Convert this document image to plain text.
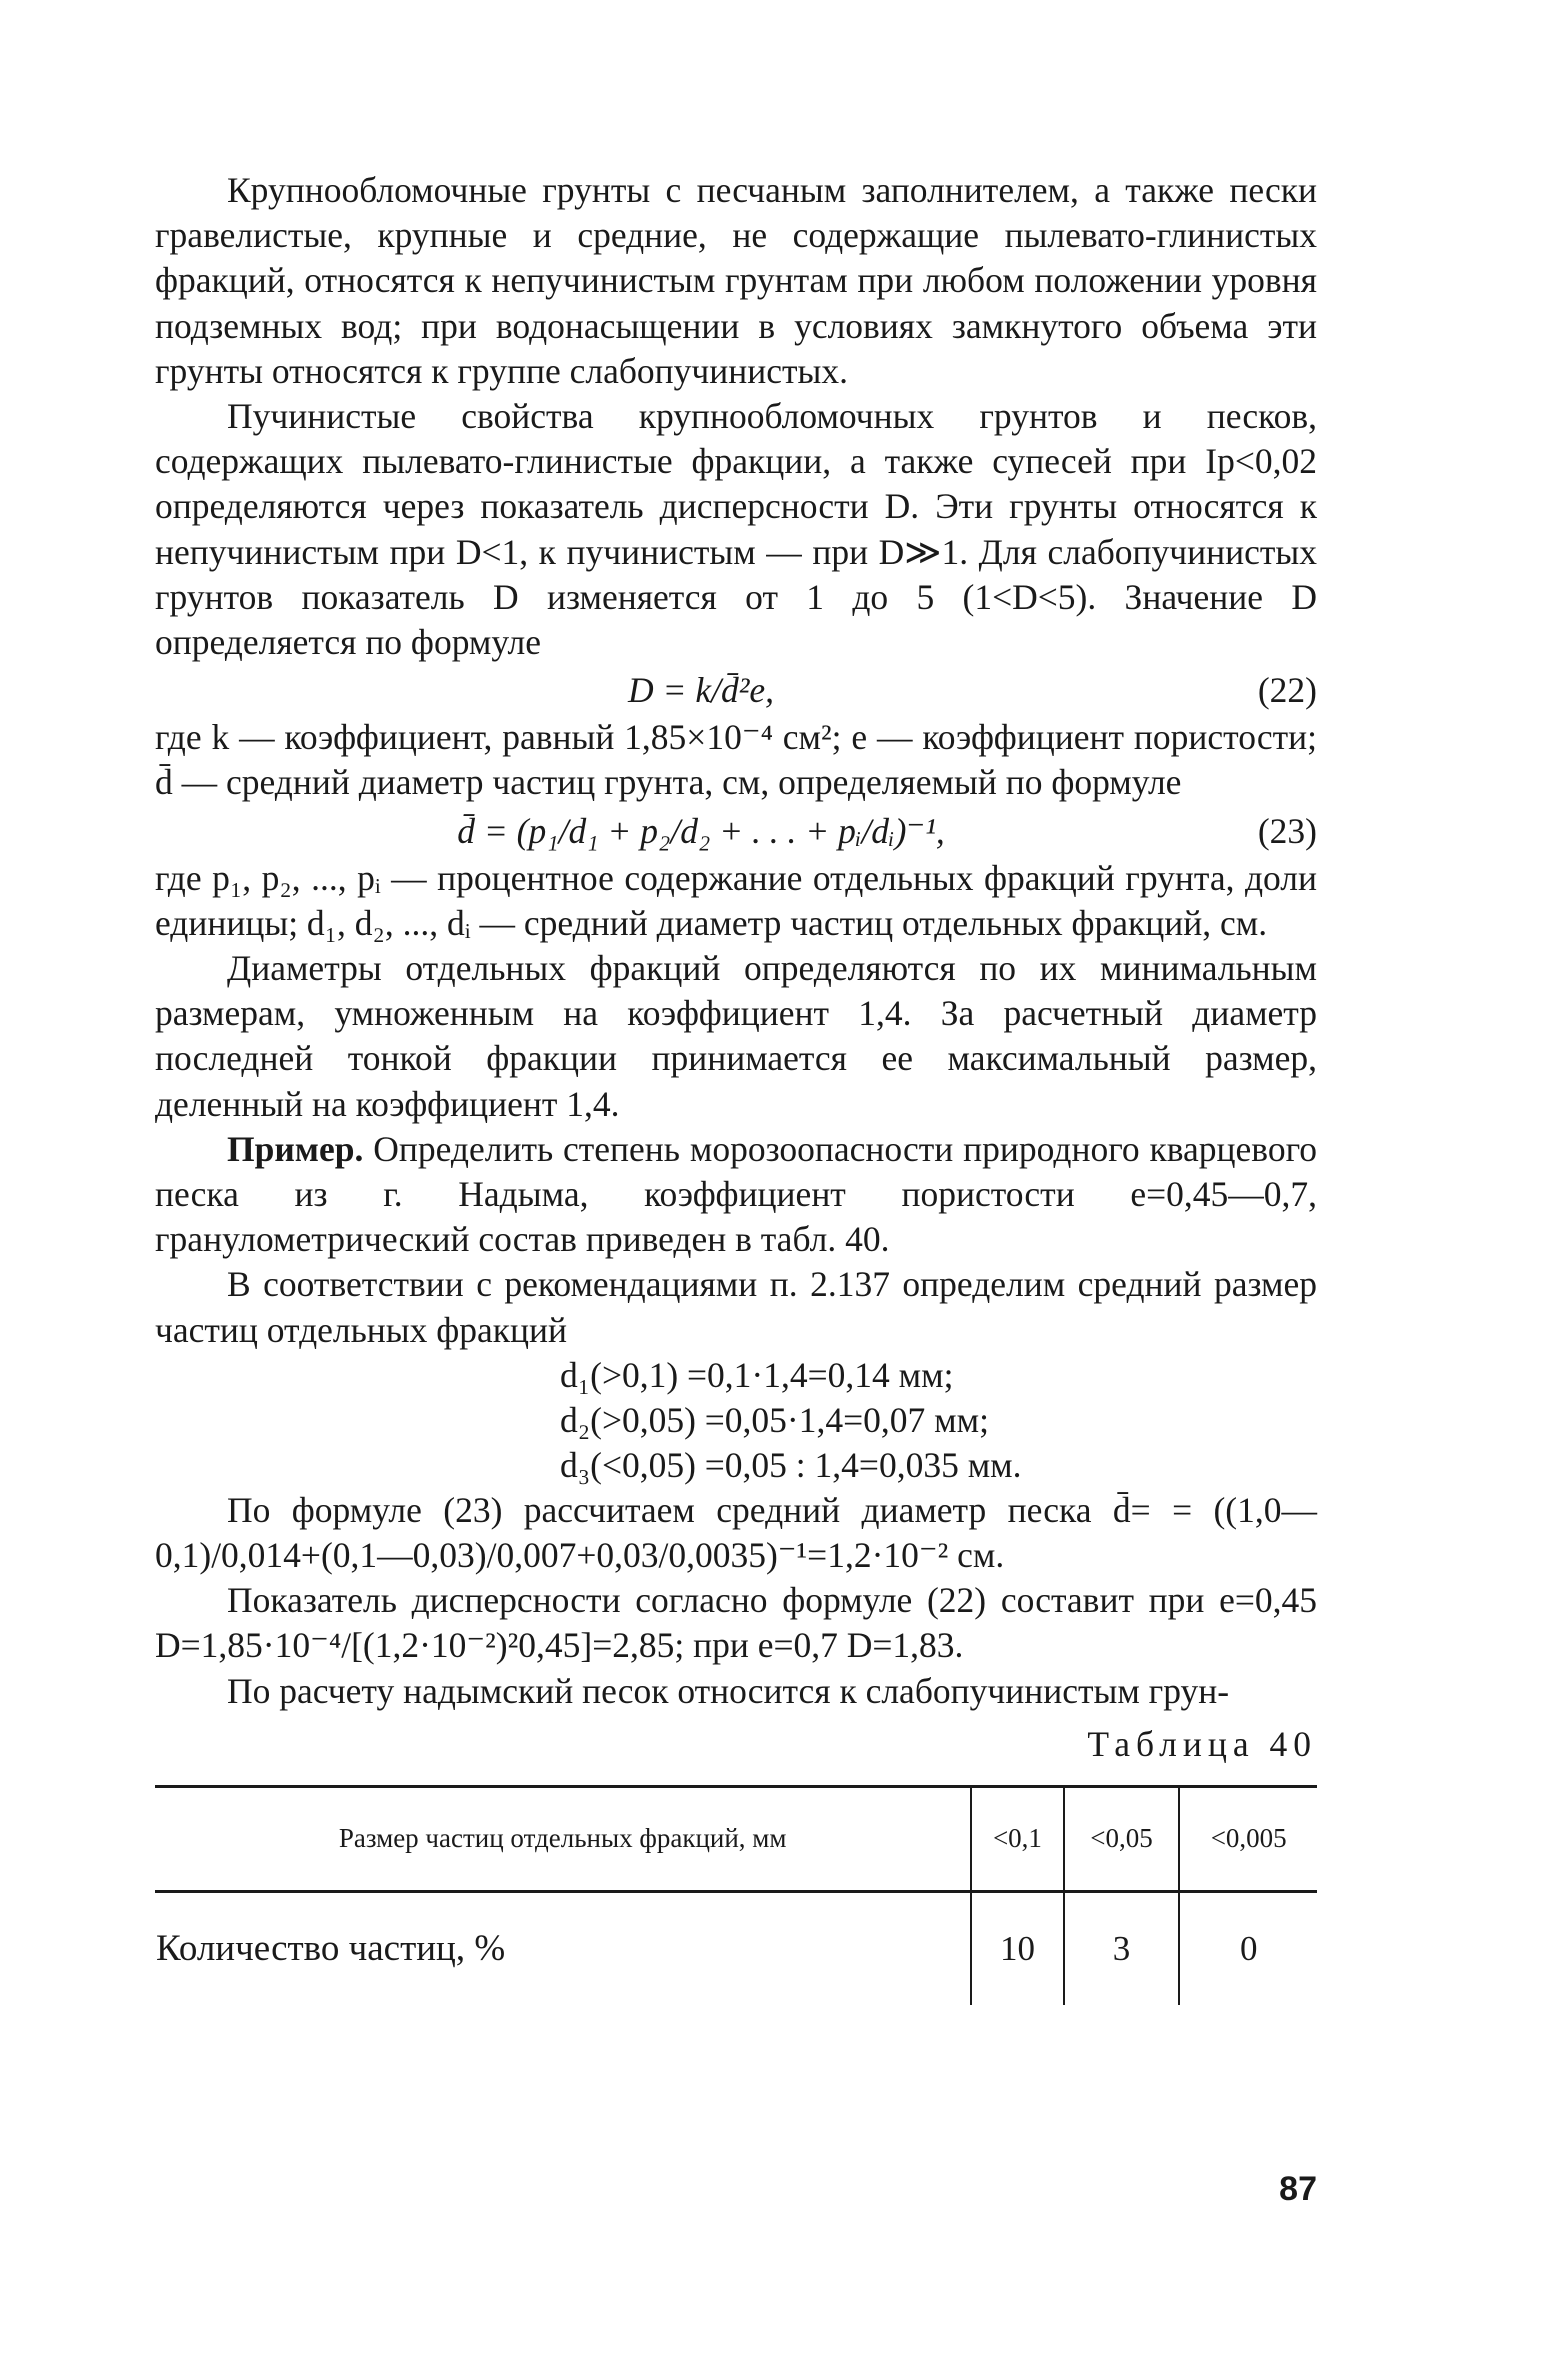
Крупнообломочные грунты с песчаным заполнителем, а также пески гравелистые, крупные и средние, не содержащие пылевато-глинистых фракций, относятся к непучинистым грунтам при любом положении уровня подземных вод; при водонасыщении в условиях замкнутого объема эти грунты относятся к группе слабопучинистых.

Пучинистые свойства крупнообломочных грунтов и песков, содержащих пылевато-глинистые фракции, а также супесей при Iр<0,02 определяются через показатель дисперсности D. Эти грунты относятся к непучинистым при D<1, к пучинистым — при D≫1. Для слабопучинистых грунтов показатель D изменяется от 1 до 5 (1<D<5). Значение D определяется по формуле

D = k/d̄²e,	(22)

где k — коэффициент, равный 1,85×10⁻⁴ см²; e — коэффициент пористости; d̄ — средний диаметр частиц грунта, см, определяемый по формуле

d̄ = (p₁/d₁ + p₂/d₂ + . . . + pᵢ/dᵢ)⁻¹,	(23)

где p₁, p₂, ..., pᵢ — процентное содержание отдельных фракций грунта, доли единицы; d₁, d₂, ..., dᵢ — средний диаметр частиц отдельных фракций, см.

Диаметры отдельных фракций определяются по их минимальным размерам, умноженным на коэффициент 1,4. За расчетный диаметр последней тонкой фракции принимается ее максимальный размер, деленный на коэффициент 1,4.

Пример. Определить степень морозоопасности природного кварцевого песка из г. Надыма, коэффициент пористости e=0,45—0,7, гранулометрический состав приведен в табл. 40.

В соответствии с рекомендациями п. 2.137 определим средний размер частиц отдельных фракций

d₁(>0,1) =0,1·1,4=0,14 мм;
d₂(>0,05) =0,05·1,4=0,07 мм;
d₃(<0,05) =0,05 : 1,4=0,035 мм.

По формуле (23) рассчитаем средний диаметр песка d̄= = ((1,0—0,1)/0,014+(0,1—0,03)/0,007+0,03/0,0035)⁻¹=1,2·10⁻² см.

Показатель дисперсности согласно формуле (22) составит при e=0,45 D=1,85·10⁻⁴/[(1,2·10⁻²)²0,45]=2,85; при e=0,7 D=1,83.

По расчету надымский песок относится к слабопучинистым грун-

Таблица 40
Размер частиц отдельных фракций, мм	<0,1	<0,05	<0,005
Количество частиц, %	10	3	0
87
